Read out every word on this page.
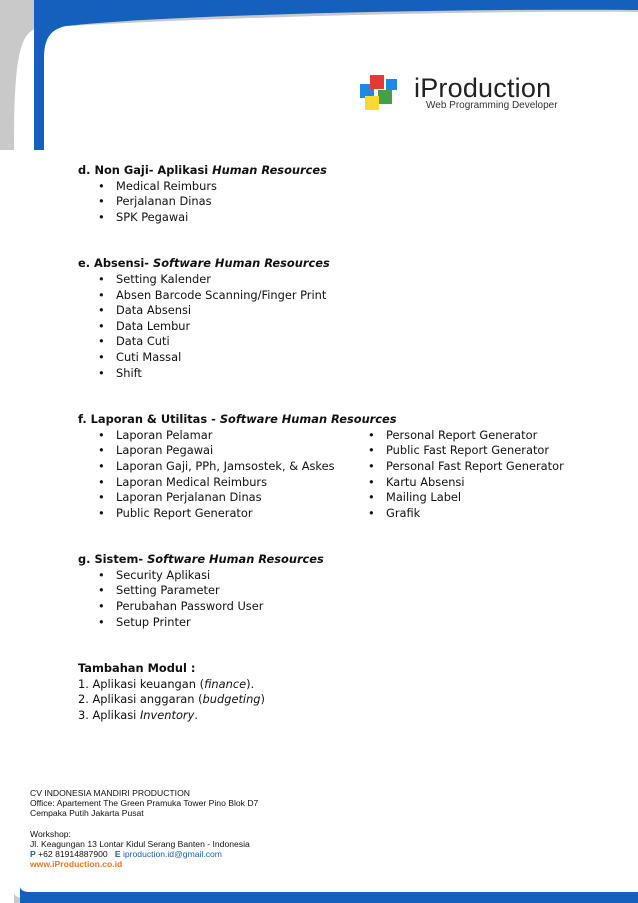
iProduction
Web Programming Developer
d. Non Gaji- Aplikasi Human Resources
• Medical Reimburs
• Perjalanan Dinas
• SPK Pegawai
e. Absensi- Software Human Resources
• Setting Kalender
• Absen Barcode Scanning/Finger Print
• Data Absensi
• Data Lembur
• Data Cuti
• Cuti Massal
• Shift
f. Laporan & Utilitas - Software Human Resources
• Laporan Pelamar
• Laporan Pegawai
• Laporan Gaji, PPh, Jamsostek, & Askes
• Laporan Medical Reimburs
• Laporan Perjalanan Dinas
• Public Report Generator
• Personal Report Generator
• Public Fast Report Generator
• Personal Fast Report Generator
• Kartu Absensi
• Mailing Label
• Grafik
g. Sistem- Software Human Resources
• Security Aplikasi
• Setting Parameter
• Perubahan Password User
• Setup Printer
Tambahan Modul :
1. Aplikasi keuangan (finance).
2. Aplikasi anggaran (budgeting)
3. Aplikasi Inventory.
CV INDONESIA MANDIRI PRODUCTION
Office: Apartement The Green Pramuka Tower Pino Blok D7
Cempaka Putih Jakarta Pusat
Workshop:
Jl. Keagungan 13 Lontar Kidul Serang Banten - Indonesia
P +62 81914887900 E iproduction.id@gmail.com
www.iProduction.co.id
